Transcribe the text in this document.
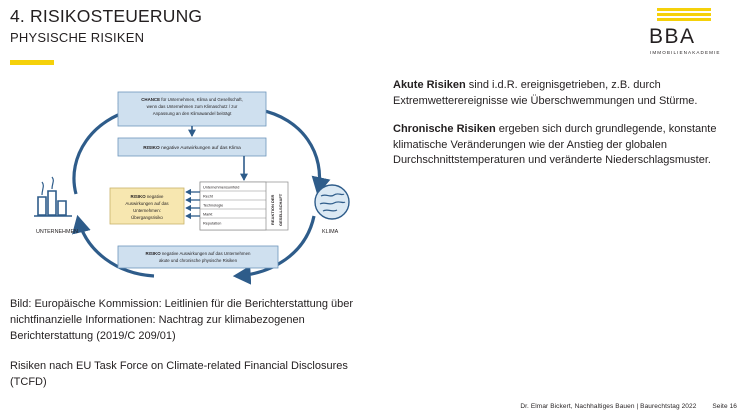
4. RISIKOSTEUERUNG
PHYSISCHE RISIKEN	BBA
IMMOBILIENAKADEMIE

Akute Risiken sind i.d.R. ereignisgetrieben, z.B. durch Extremwetterereignisse wie Überschwemmungen und Stürme.

Chronische Risiken ergeben sich durch grundlegende, konstante klimatische Veränderungen wie der Anstieg der globalen Durchschnittstemperaturen und veränderte Niederschlagsmuster.

UNTERNEHMEN	KLIMA
CHANCE für Unternehmen, Klima und Gesellschaft,
wenn das Unternehmen zum Klimaschutz / zur
Anpassung an den Klimawandel beiträgt
RISIKO negative Auswirkungen auf das Klima
RISIKO negative
Auswirkungen auf das
Unternehmen:
Übergangsrisiko
Unternehmensumfeld
Recht
Technologie
Markt
Reputation	REAKTION DER GESELLSCHAFT
RISIKO negative Auswirkungen auf das Unternehmen
akute und chronische physische Risiken

Bild: Europäische Kommission: Leitlinien für die Berichterstattung über nichtfinanzielle Informationen: Nachtrag zur klimabezogenen Berichterstattung (2019/C 209/01)

Risiken nach EU Task Force on Climate-related Financial Disclosures (TCFD)

Dr. Elmar Bickert, Nachhaltiges Bauen | Baurechtstag 2022 Seite 16
